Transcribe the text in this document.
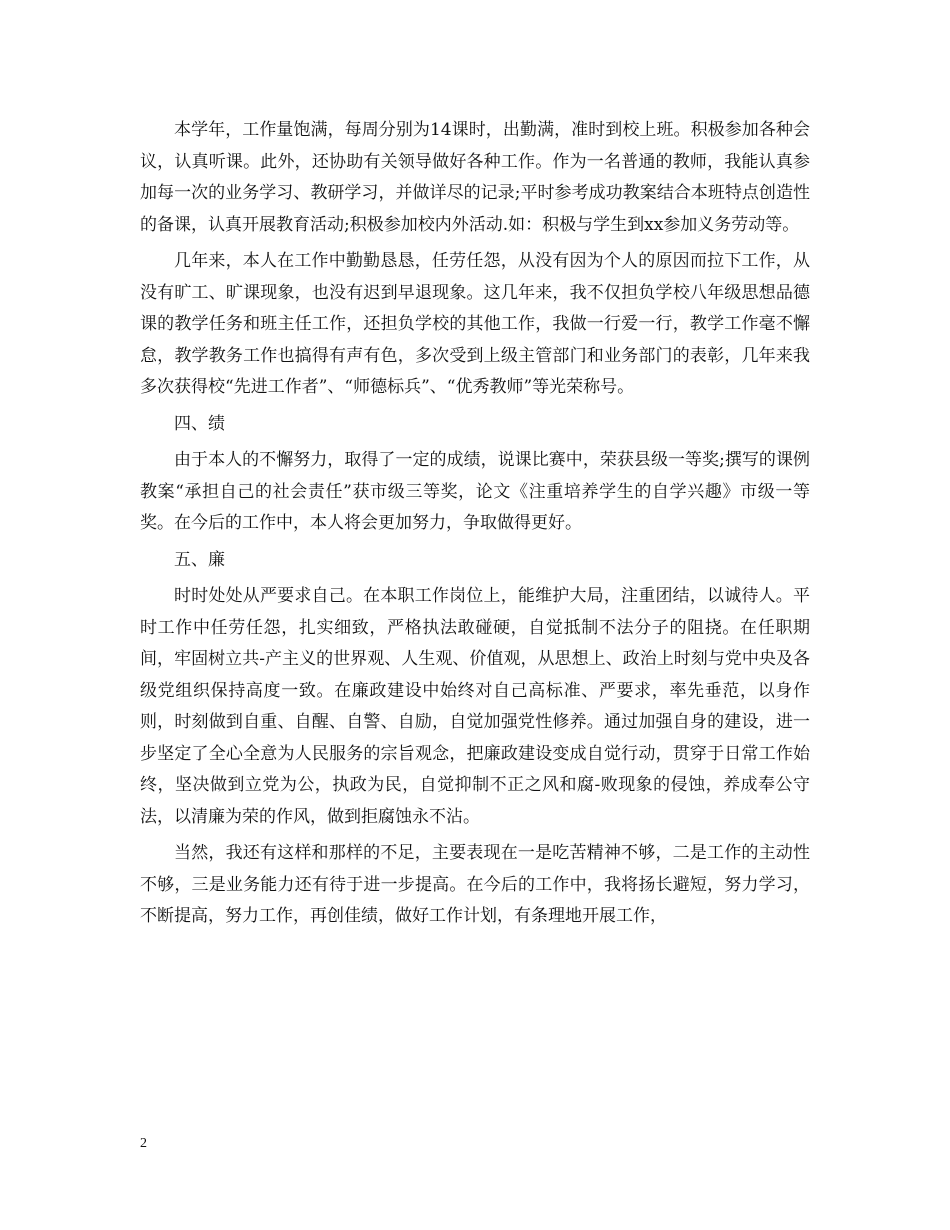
本学年，工作量饱满，每周分别为14课时，出勤满，准时到校上班。积极参加各种会议，认真听课。此外，还协助有关领导做好各种工作。作为一名普通的教师，我能认真参加每一次的业务学习、教研学习，并做详尽的记录;平时参考成功教案结合本班特点创造性的备课，认真开展教育活动;积极参加校内外活动.如：积极与学生到xx参加义务劳动等。

几年来，本人在工作中勤勤恳恳，任劳任怨，从没有因为个人的原因而拉下工作，从没有旷工、旷课现象，也没有迟到早退现象。这几年来，我不仅担负学校八年级思想品德课的教学任务和班主任工作，还担负学校的其他工作，我做一行爱一行，教学工作毫不懈怠，教学教务工作也搞得有声有色，多次受到上级主管部门和业务部门的表彰，几年来我多次获得校“先进工作者”、“师德标兵”、“优秀教师”等光荣称号。

四、绩

由于本人的不懈努力，取得了一定的成绩，说课比赛中，荣获县级一等奖;撰写的课例教案“承担自己的社会责任”获市级三等奖，论文《注重培养学生的自学兴趣》市级一等奖。在今后的工作中，本人将会更加努力，争取做得更好。

五、廉

时时处处从严要求自己。在本职工作岗位上，能维护大局，注重团结，以诚待人。平时工作中任劳任怨，扎实细致，严格执法敢碰硬，自觉抵制不法分子的阻挠。在任职期间，牢固树立共-产主义的世界观、人生观、价值观，从思想上、政治上时刻与党中央及各级党组织保持高度一致。在廉政建设中始终对自己高标准、严要求，率先垂范，以身作则，时刻做到自重、自醒、自警、自励，自觉加强党性修养。通过加强自身的建设，进一步坚定了全心全意为人民服务的宗旨观念，把廉政建设变成自觉行动，贯穿于日常工作始终，坚决做到立党为公，执政为民，自觉抑制不正之风和腐-败现象的侵蚀，养成奉公守法，以清廉为荣的作风，做到拒腐蚀永不沾。

当然，我还有这样和那样的不足，主要表现在一是吃苦精神不够，二是工作的主动性不够，三是业务能力还有待于进一步提高。在今后的工作中，我将扬长避短，努力学习，不断提高，努力工作，再创佳绩，做好工作计划，有条理地开展工作，

2
